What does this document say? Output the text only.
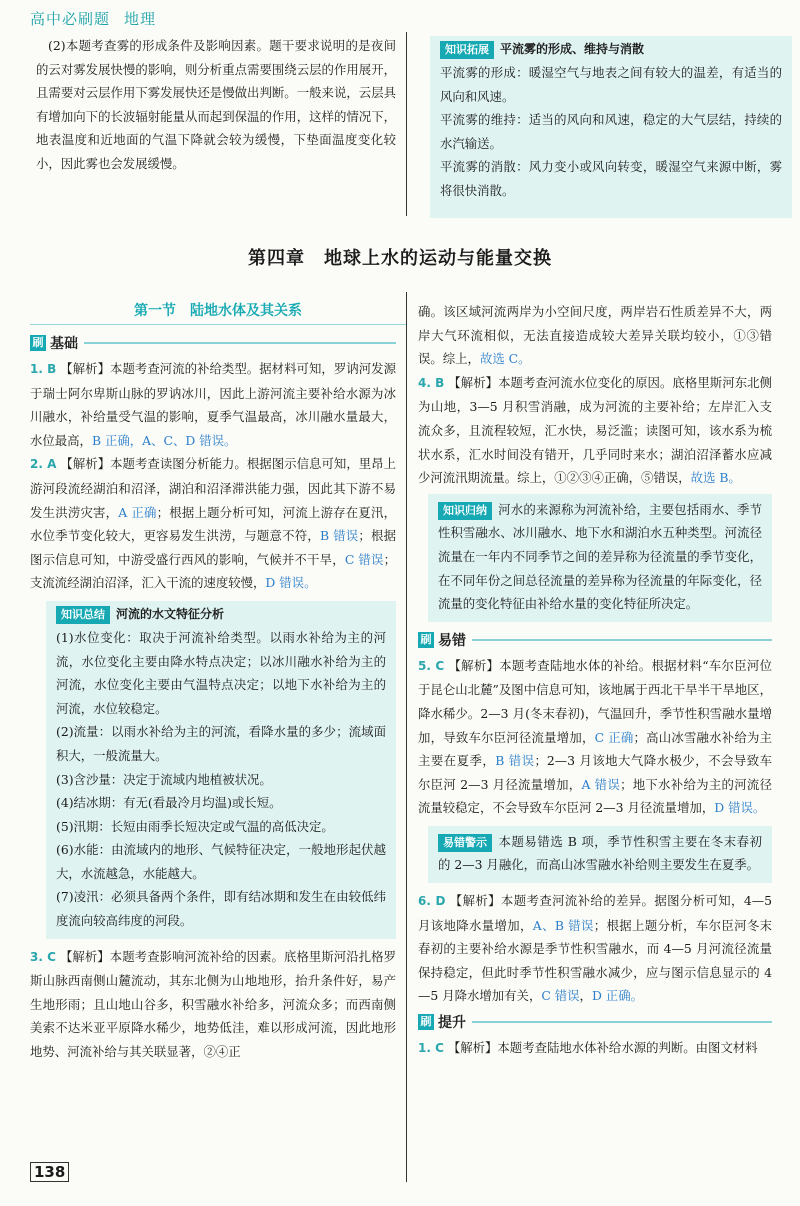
高中必刷题 地理

(2)本题考查雾的形成条件及影响因素。题干要求说明的是夜间的云对雾发展快慢的影响，则分析重点需要围绕云层的作用展开，且需要对云层作用下雾发展快还是慢做出判断。一般来说，云层具有增加向下的长波辐射能量从而起到保温的作用，这样的情况下，地表温度和近地面的气温下降就会较为缓慢，下垫面温度变化较小，因此雾也会发展缓慢。

知识拓展 平流雾的形成、维持与消散

平流雾的形成：暖湿空气与地表之间有较大的温差，有适当的风向和风速。

平流雾的维持：适当的风向和风速，稳定的大气层结，持续的水汽输送。

平流雾的消散：风力变小或风向转变，暖湿空气来源中断，雾将很快消散。

第四章　地球上水的运动与能量交换
第一节　陆地水体及其关系
刷 基础

1. B 【解析】本题考查河流的补给类型。据材料可知，罗讷河发源于瑞士阿尔卑斯山脉的罗讷冰川，因此上游河流主要补给水源为冰川融水，补给量受气温的影响，夏季气温最高，冰川融水量最大，水位最高，B 正确，A、C、D 错误。

2. A 【解析】本题考查读图分析能力。根据图示信息可知，里昂上游河段流经湖泊和沼泽，湖泊和沼泽滞洪能力强，因此其下游不易发生洪涝灾害，A 正确；根据上题分析可知，河流上游存在夏汛，水位季节变化较大，更容易发生洪涝，与题意不符，B 错误；根据图示信息可知，中游受盛行西风的影响，气候并不干旱，C 错误；支流流经湖泊沼泽，汇入干流的速度较慢，D 错误。

知识总结 河流的水文特征分析

(1)水位变化：取决于河流补给类型。以雨水补给为主的河流，水位变化主要由降水特点决定；以冰川融水补给为主的河流，水位变化主要由气温特点决定；以地下水补给为主的河流，水位较稳定。

(2)流量：以雨水补给为主的河流，看降水量的多少；流域面积大，一般流量大。

(3)含沙量：决定于流域内地植被状况。

(4)结冰期：有无(看最冷月均温)或长短。

(5)汛期：长短由雨季长短决定或气温的高低决定。

(6)水能：由流域内的地形、气候特征决定，一般地形起伏越大，水流越急，水能越大。

(7)凌汛：必须具备两个条件，即有结冰期和发生在由较低纬度流向较高纬度的河段。

3. C 【解析】本题考查影响河流补给的因素。底格里斯河沿扎格罗斯山脉西南侧山麓流动，其东北侧为山地地形，抬升条件好，易产生地形雨；且山地山谷多，积雪融水补给多，河流众多；而西南侧美索不达米亚平原降水稀少，地势低洼，难以形成河流，因此地形地势、河流补给与其关联显著，②④正

确。该区域河流两岸为小空间尺度，两岸岩石性质差异不大，两岸大气环流相似，无法直接造成较大差异关联均较小，①③错误。综上，故选 C。

4. B 【解析】本题考查河流水位变化的原因。底格里斯河东北侧为山地，3—5 月积雪消融，成为河流的主要补给；左岸汇入支流众多，且流程较短，汇水快，易泛滥；读图可知，该水系为梳状水系，汇水时间没有错开，几乎同时来水；湖泊沼泽蓄水应减少河流汛期流量。综上，①②③④正确，⑤错误，故选 B。

知识归纳 河水的来源称为河流补给，主要包括雨水、季节性积雪融水、冰川融水、地下水和湖泊水五种类型。河流径流量在一年内不同季节之间的差异称为径流量的季节变化，在不同年份之间总径流量的差异称为径流量的年际变化，径流量的变化特征由补给水量的变化特征所决定。

刷 易错

5. C 【解析】本题考查陆地水体的补给。根据材料“车尔臣河位于昆仑山北麓”及图中信息可知，该地属于西北干旱半干旱地区，降水稀少。2—3 月(冬末春初)，气温回升，季节性积雪融水量增加，导致车尔臣河径流量增加，C 正确；高山冰雪融水补给为主主要在夏季，B 错误；2—3 月该地大气降水极少，不会导致车尔臣河 2—3 月径流量增加，A 错误；地下水补给为主的河流径流量较稳定，不会导致车尔臣河 2—3 月径流量增加，D 错误。

易错警示 本题易错选 B 项，季节性积雪主要在冬末春初的 2—3 月融化，而高山冰雪融水补给则主要发生在夏季。

6. D 【解析】本题考查河流补给的差异。据图分析可知，4—5 月该地降水量增加，A、B 错误；根据上题分析，车尔臣河冬末春初的主要补给水源是季节性积雪融水，而 4—5 月河流径流量保持稳定，但此时季节性积雪融水减少，应与图示信息显示的 4—5 月降水增加有关，C 错误，D 正确。

刷 提升

1. C 【解析】本题考查陆地水体补给水源的判断。由图文材料

138
